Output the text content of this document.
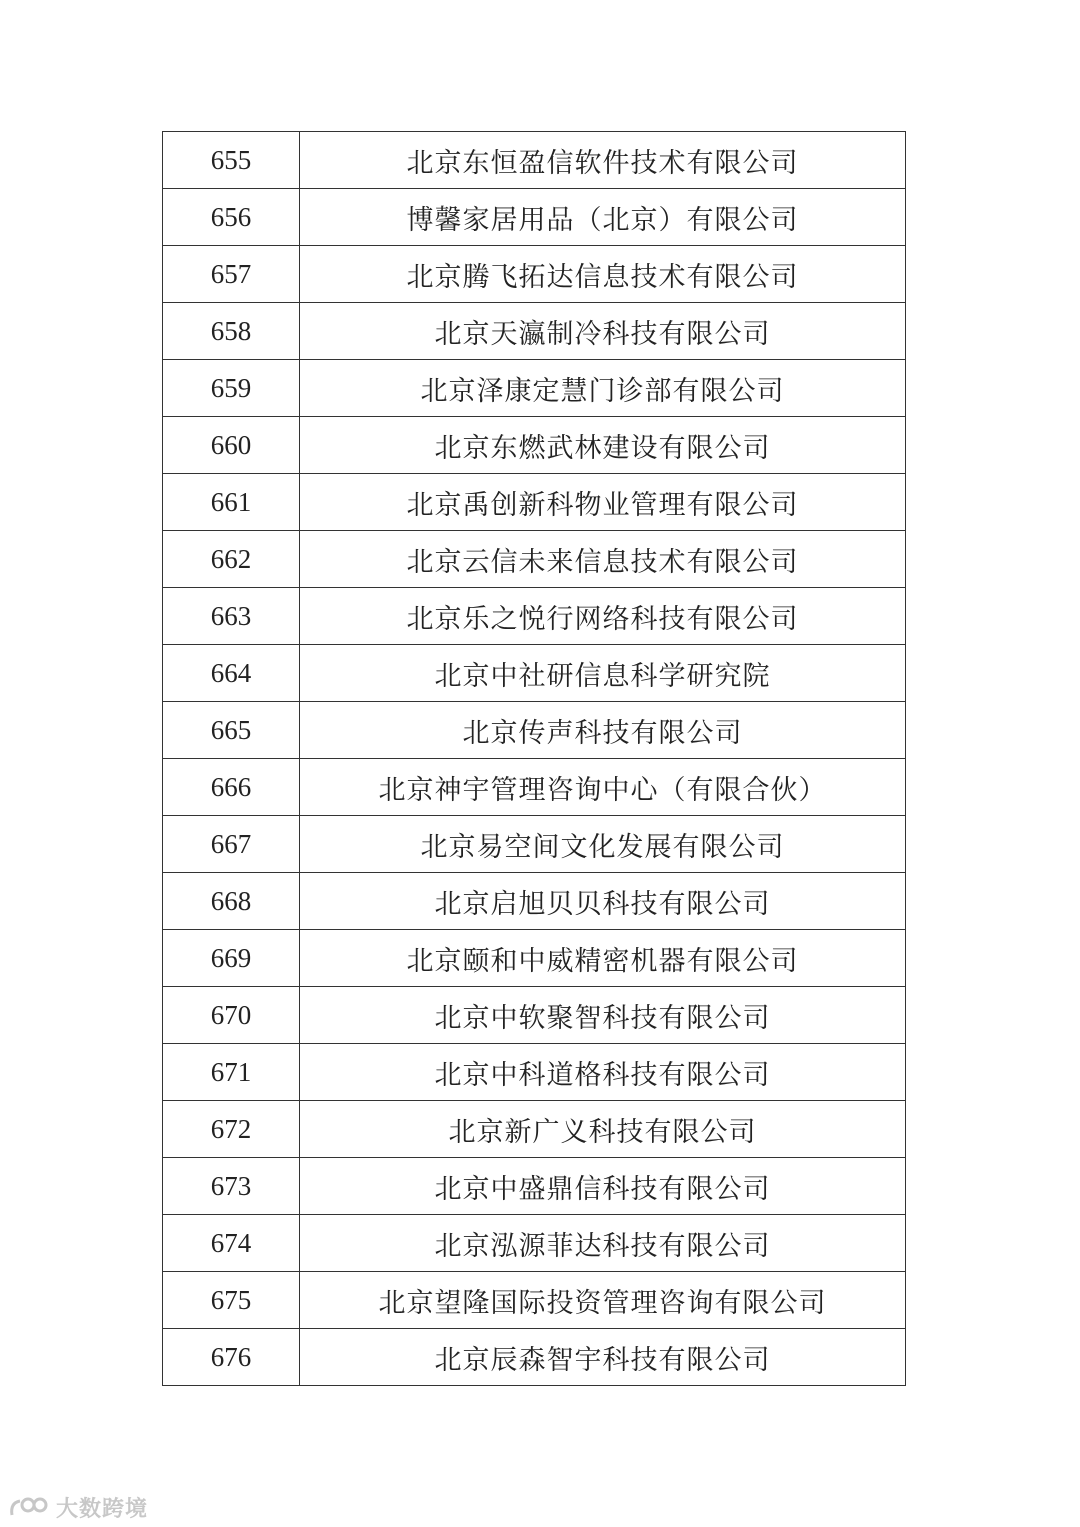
655	北京东恒盈信软件技术有限公司
656	博馨家居用品（北京）有限公司
657	北京腾飞拓达信息技术有限公司
658	北京天瀛制冷科技有限公司
659	北京泽康定慧门诊部有限公司
660	北京东燃武林建设有限公司
661	北京禹创新科物业管理有限公司
662	北京云信未来信息技术有限公司
663	北京乐之悦行网络科技有限公司
664	北京中社研信息科学研究院
665	北京传声科技有限公司
666	北京神宇管理咨询中心（有限合伙）
667	北京易空间文化发展有限公司
668	北京启旭贝贝科技有限公司
669	北京颐和中威精密机器有限公司
670	北京中软聚智科技有限公司
671	北京中科道格科技有限公司
672	北京新广义科技有限公司
673	北京中盛鼎信科技有限公司
674	北京泓源菲达科技有限公司
675	北京望隆国际投资管理咨询有限公司
676	北京辰森智宇科技有限公司
大数跨境
